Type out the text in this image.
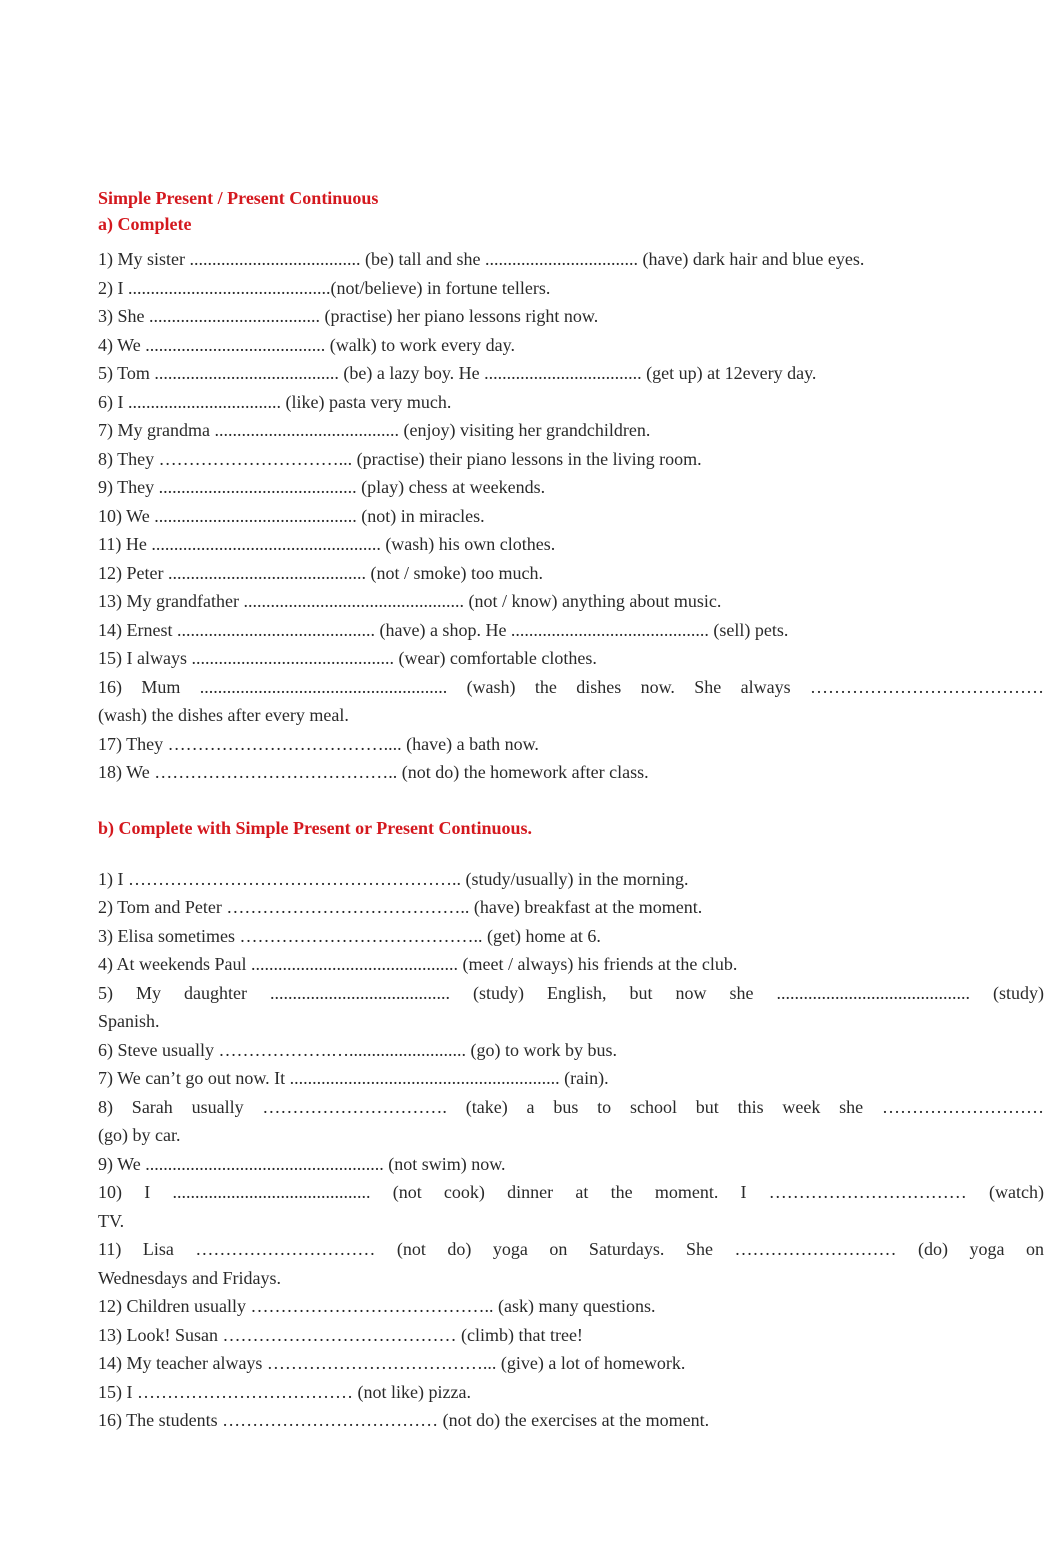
Simple Present / Present Continuous
a) Complete

1) My sister ...................................... (be) tall and she .................................. (have) dark hair and blue eyes.

2) I .............................................(not/believe) in fortune tellers.

3) She ...................................... (practise) her piano lessons right now.

4) We ........................................ (walk) to work every day.

5) Tom ......................................... (be) a lazy boy. He ................................... (get up) at 12every day.

6) I .................................. (like) pasta very much.

7) My grandma ......................................... (enjoy) visiting her grandchildren.

8) They …………………………... (practise) their piano lessons in the living room.

9) They ............................................ (play) chess at weekends.

10) We ............................................. (not) in miracles.

11) He ................................................... (wash) his own clothes.

12) Peter ............................................ (not / smoke) too much.

13) My grandfather ................................................. (not / know) anything about music.

14) Ernest ............................................ (have) a shop. He ............................................ (sell) pets.

15) I always ............................................. (wear) comfortable clothes.

16) Mum ....................................................... (wash) the dishes now. She always …………………………………

(wash) the dishes after every meal.

17) They ……………………………….... (have) a bath now.

18) We ………………………………….. (not do) the homework after class.

b) Complete with Simple Present or Present Continuous.

1) I ……………………………………………….. (study/usually) in the morning.

2) Tom and Peter ………………………………….. (have) breakfast at the moment.

3) Elisa sometimes ………………………………….. (get) home at 6.

4) At weekends Paul .............................................. (meet / always) his friends at the club.

5) My daughter ........................................ (study) English, but now she ........................................... (study)

Spanish.

6) Steve usually ……………….….......................... (go) to work by bus.

7) We can’t go out now. It ............................................................ (rain).

8) Sarah usually …………………………. (take) a bus to school but this week she ………………………

(go) by car.

9) We ..................................................... (not swim) now.

10) I ............................................ (not cook) dinner at the moment. I …………………………… (watch)

TV.

11) Lisa ………………………… (not do) yoga on Saturdays. She ……………………… (do) yoga on

Wednesdays and Fridays.

12) Children usually ………………………………….. (ask) many questions.

13) Look! Susan ………………………………… (climb) that tree!

14) My teacher always ………………………………... (give) a lot of homework.

15) I ……………………………… (not like) pizza.

16) The students ……………………………… (not do) the exercises at the moment.
